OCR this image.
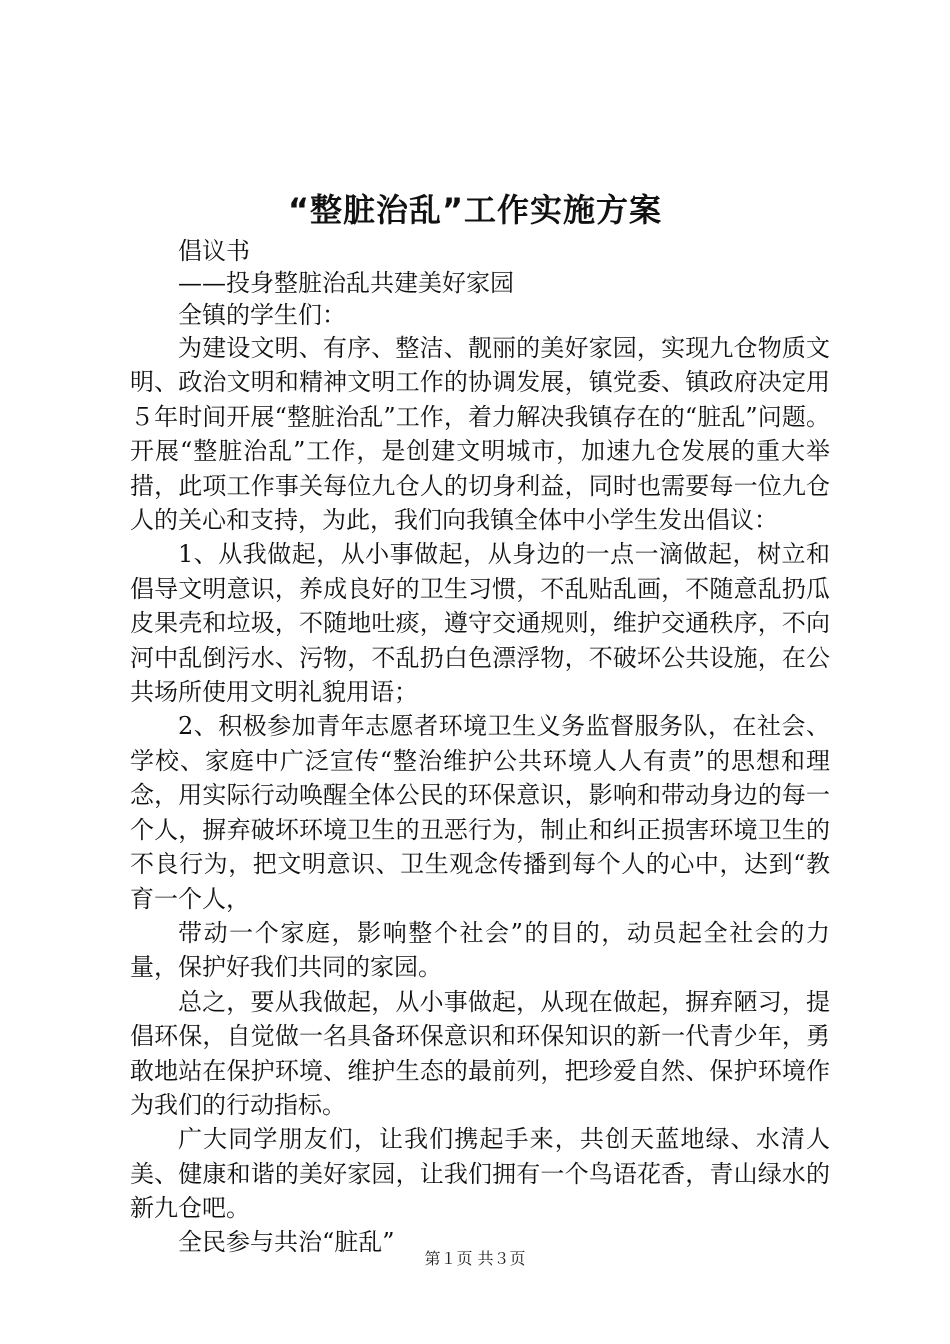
“整脏治乱”工作实施方案

倡议书

——投身整脏治乱共建美好家园

全镇的学生们：

为建设文明、有序、整洁、靓丽的美好家园，实现九仓物质文明、政治文明和精神文明工作的协调发展，镇党委、镇政府决定用５年时间开展“整脏治乱”工作，着力解决我镇存在的“脏乱”问题。开展“整脏治乱”工作，是创建文明城市，加速九仓发展的重大举措，此项工作事关每位九仓人的切身利益，同时也需要每一位九仓人的关心和支持，为此，我们向我镇全体中小学生发出倡议：

1、从我做起，从小事做起，从身边的一点一滴做起，树立和倡导文明意识，养成良好的卫生习惯，不乱贴乱画，不随意乱扔瓜皮果壳和垃圾，不随地吐痰，遵守交通规则，维护交通秩序，不向河中乱倒污水、污物，不乱扔白色漂浮物，不破坏公共设施，在公共场所使用文明礼貌用语；

2、积极参加青年志愿者环境卫生义务监督服务队，在社会、学校、家庭中广泛宣传“整治维护公共环境人人有责”的思想和理念，用实际行动唤醒全体公民的环保意识，影响和带动身边的每一个人，摒弃破坏环境卫生的丑恶行为，制止和纠正损害环境卫生的不良行为，把文明意识、卫生观念传播到每个人的心中，达到“教育一个人，

带动一个家庭，影响整个社会”的目的，动员起全社会的力量，保护好我们共同的家园。

总之，要从我做起，从小事做起，从现在做起，摒弃陋习，提倡环保，自觉做一名具备环保意识和环保知识的新一代青少年，勇敢地站在保护环境、维护生态的最前列，把珍爱自然、保护环境作为我们的行动指标。

广大同学朋友们，让我们携起手来，共创天蓝地绿、水清人美、健康和谐的美好家园，让我们拥有一个鸟语花香，青山绿水的新九仓吧。

全民参与共治“脏乱”

第１页 共３页
